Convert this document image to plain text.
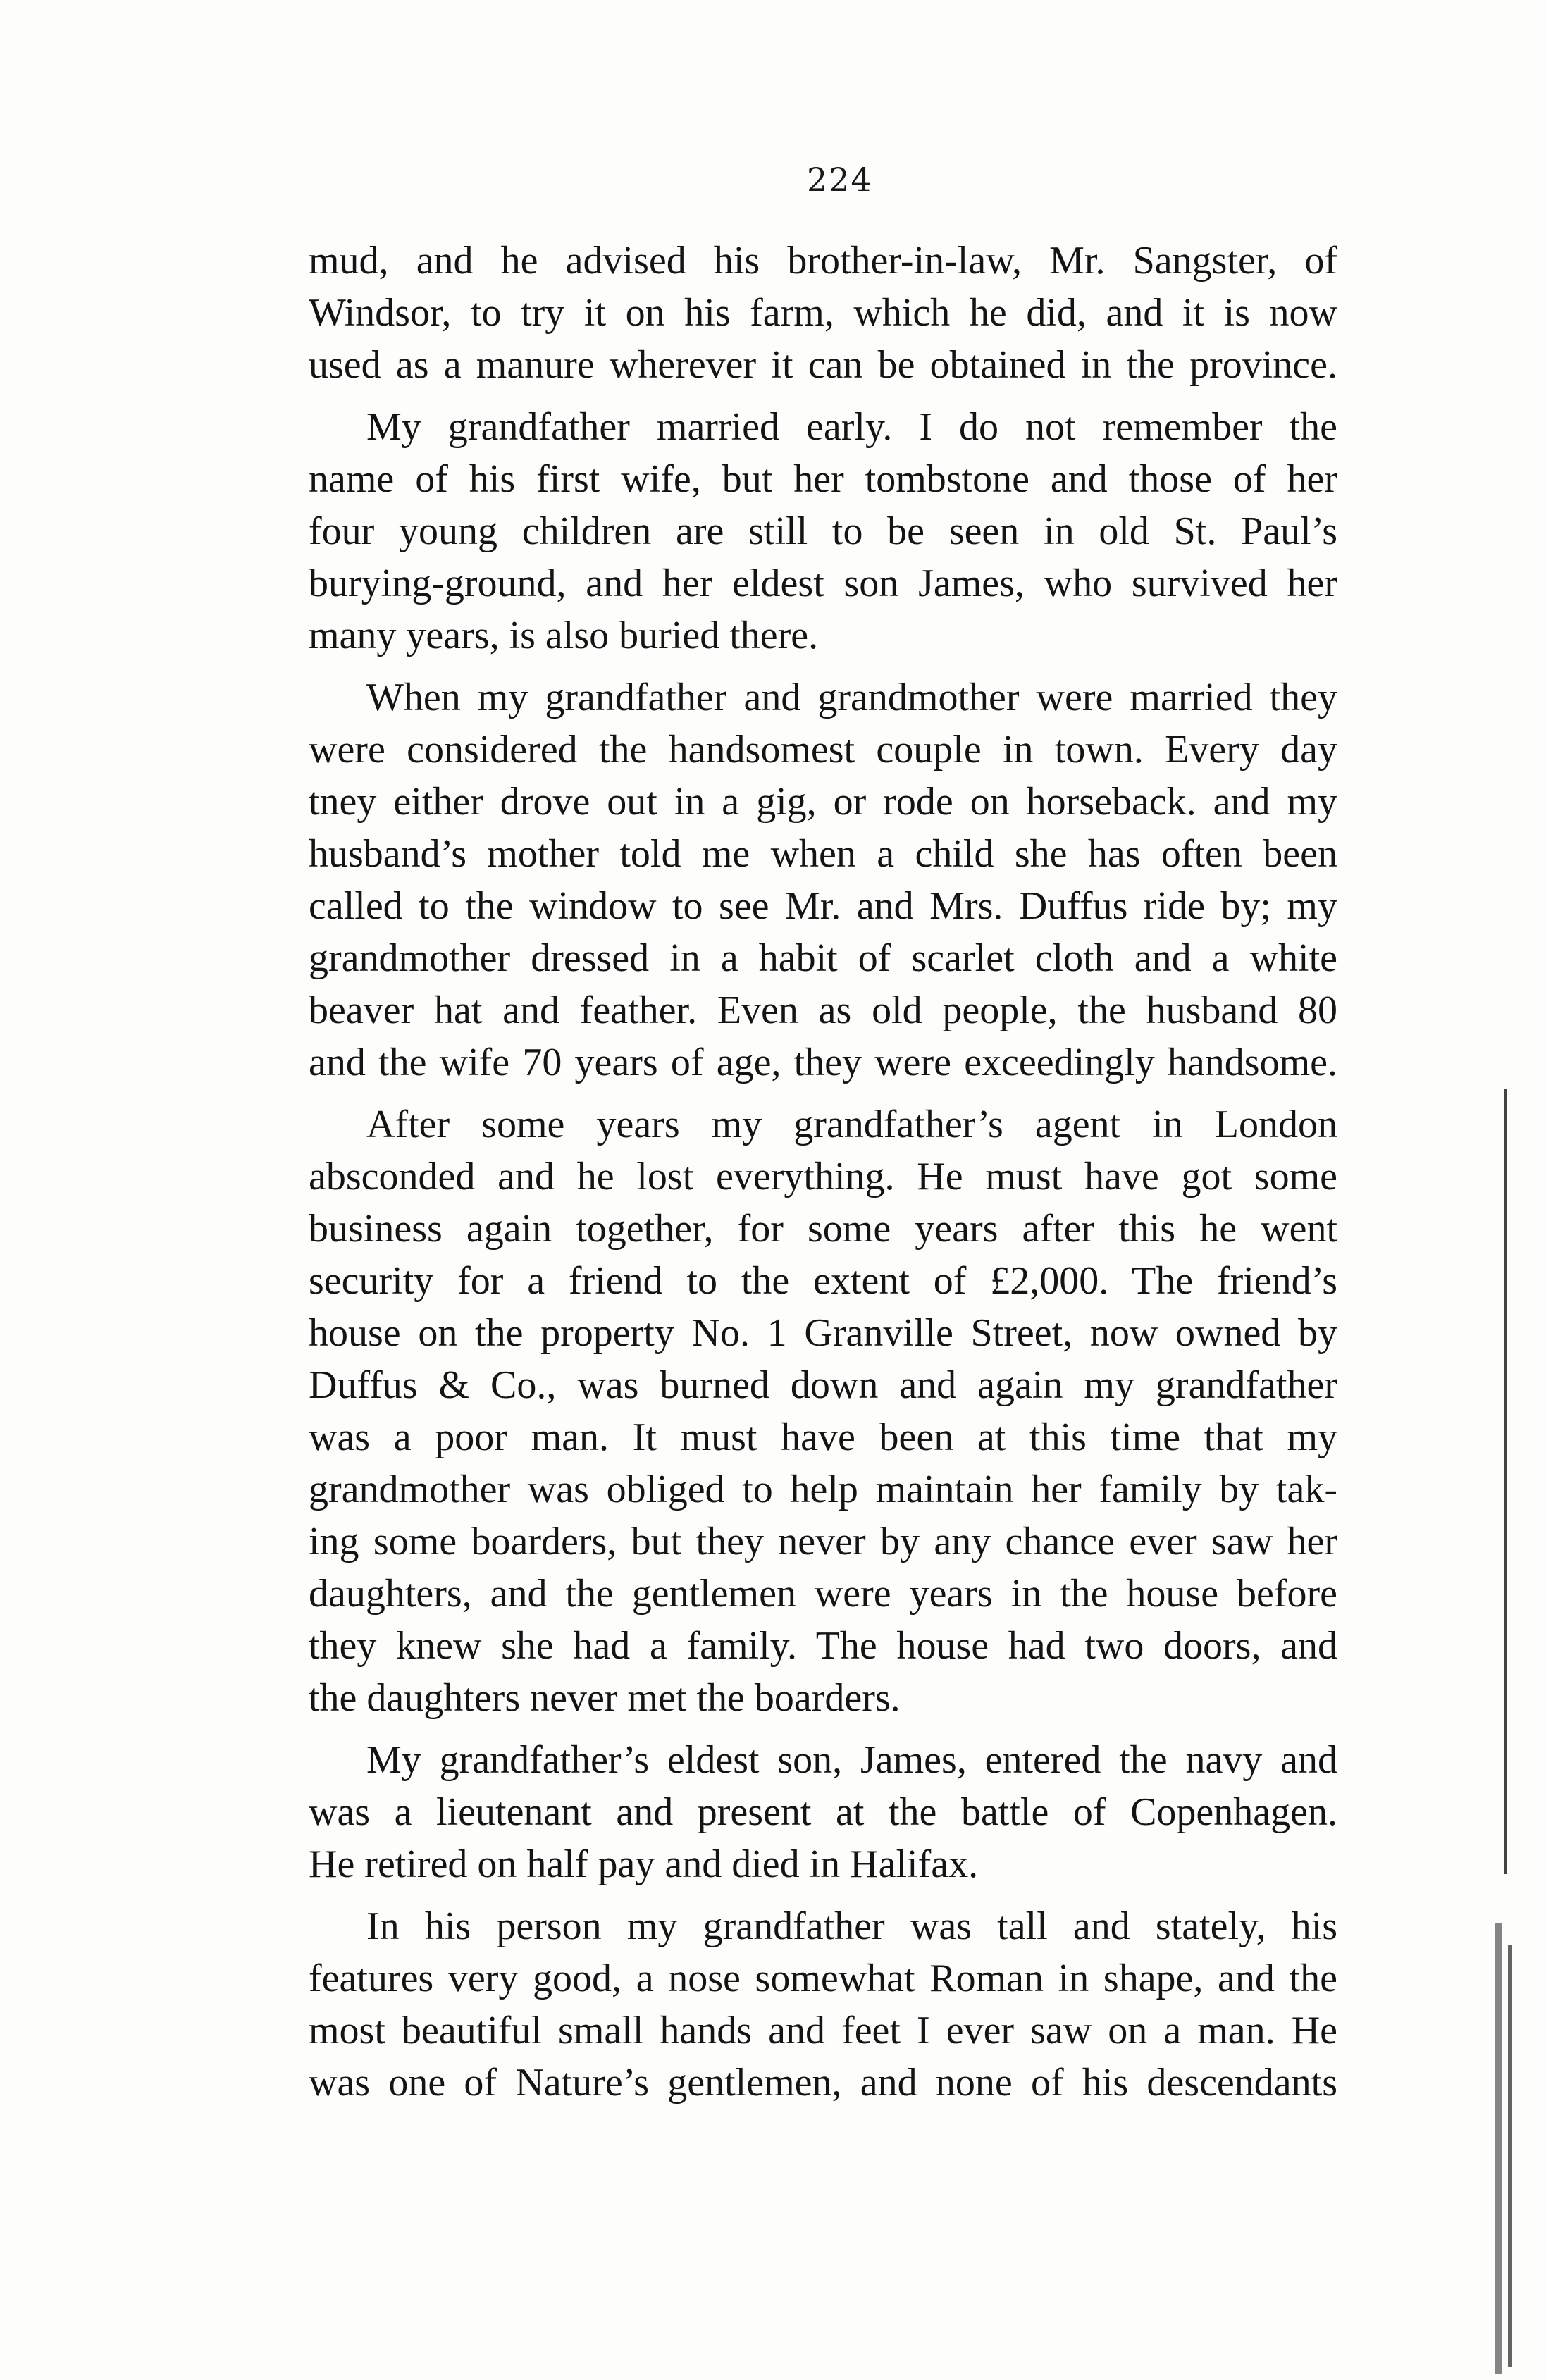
224
mud, and he advised his brother-in-law, Mr. Sangster, of
Windsor, to try it on his farm, which he did, and it is now
used as a manure wherever it can be obtained in the province.
My grandfather married early. I do not remember the
name of his first wife, but her tombstone and those of her
four young children are still to be seen in old St. Paul’s
burying-ground, and her eldest son James, who survived her
many years, is also buried there.
When my grandfather and grandmother were married they
were considered the handsomest couple in town. Every day
tney either drove out in a gig, or rode on horseback. and my
husband’s mother told me when a child she has often been
called to the window to see Mr. and Mrs. Duffus ride by; my
grandmother dressed in a habit of scarlet cloth and a white
beaver hat and feather. Even as old people, the husband 80
and the wife 70 years of age, they were exceedingly handsome.
After some years my grandfather’s agent in London
absconded and he lost everything. He must have got some
business again together, for some years after this he went
security for a friend to the extent of £2,000. The friend’s
house on the property No. 1 Granville Street, now owned by
Duffus & Co., was burned down and again my grandfather
was a poor man. It must have been at this time that my
grandmother was obliged to help maintain her family by tak-
ing some boarders, but they never by any chance ever saw her
daughters, and the gentlemen were years in the house before
they knew she had a family. The house had two doors, and
the daughters never met the boarders.
My grandfather’s eldest son, James, entered the navy and
was a lieutenant and present at the battle of Copenhagen.
He retired on half pay and died in Halifax.
In his person my grandfather was tall and stately, his
features very good, a nose somewhat Roman in shape, and the
most beautiful small hands and feet I ever saw on a man. He
was one of Nature’s gentlemen, and none of his descendants
